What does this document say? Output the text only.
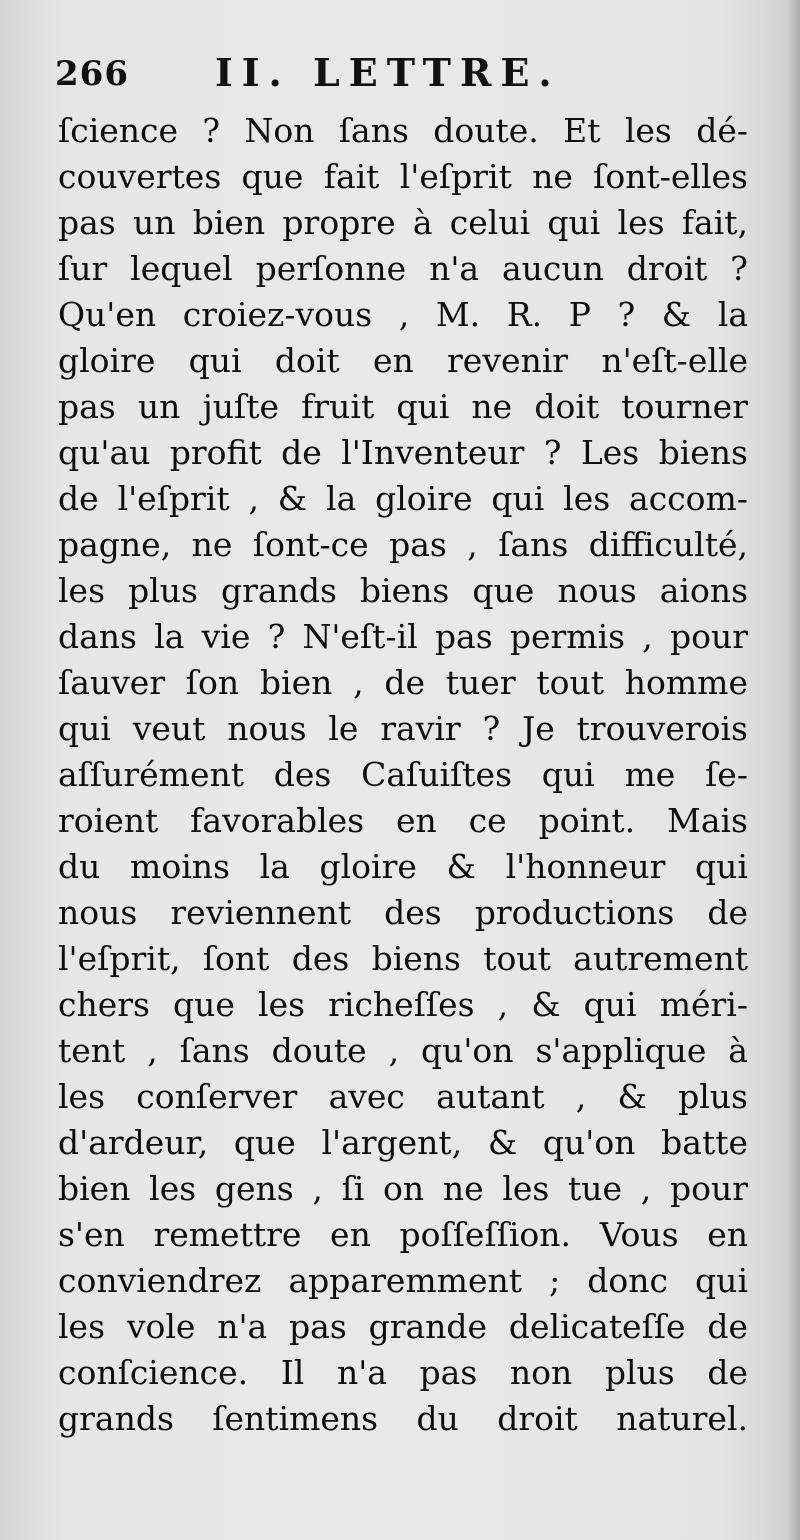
266 II. LETTRE.
ſcience ? Non ſans doute. Et les dé-
couvertes que fait l'eſprit ne ſont-elles
pas un bien propre à celui qui les fait,
ſur lequel perſonne n'a aucun droit ?
Qu'en croiez-vous , M. R. P ? & la
gloire qui doit en revenir n'eſt-elle
pas un juſte fruit qui ne doit tourner
qu'au profit de l'Inventeur ? Les biens
de l'eſprit , & la gloire qui les accom-
pagne, ne ſont-ce pas , ſans difficulté,
les plus grands biens que nous aions
dans la vie ? N'eſt-il pas permis , pour
ſauver ſon bien , de tuer tout homme
qui veut nous le ravir ? Je trouverois
aſſurément des Caſuiſtes qui me ſe-
roient favorables en ce point. Mais
du moins la gloire & l'honneur qui
nous reviennent des productions de
l'eſprit, ſont des biens tout autrement
chers que les richeſſes , & qui méri-
tent , ſans doute , qu'on s'applique à
les conſerver avec autant , & plus
d'ardeur, que l'argent, & qu'on batte
bien les gens , ſi on ne les tue , pour
s'en remettre en poſſeſſion. Vous en
conviendrez apparemment ; donc qui
les vole n'a pas grande delicateſſe de
conſcience. Il n'a pas non plus de
grands ſentimens du droit naturel.
